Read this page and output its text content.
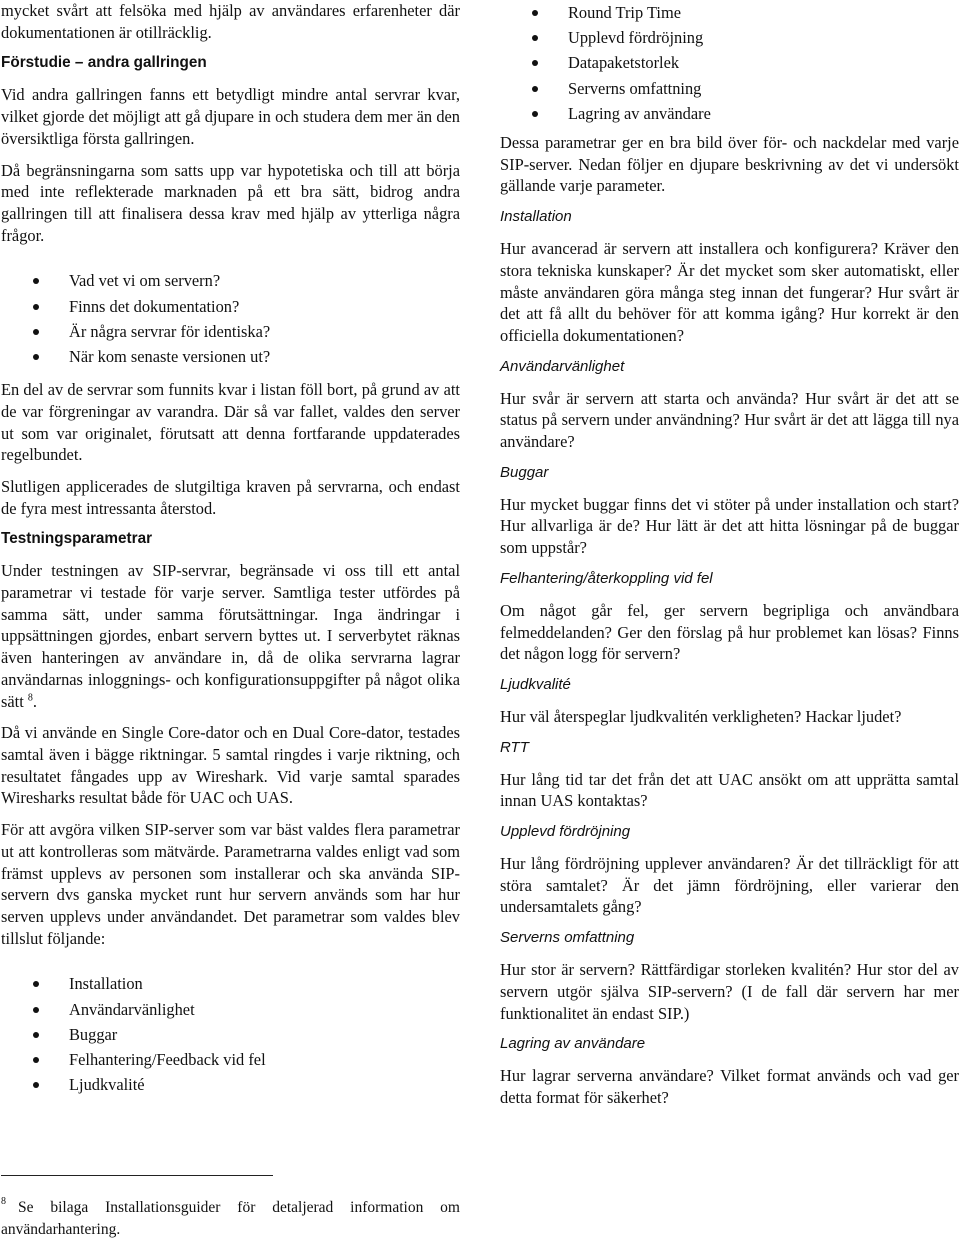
mycket svårt att felsöka med hjälp av användares erfarenheter där dokumentationen är otillräcklig.

Förstudie – andra gallringen

Vid andra gallringen fanns ett betydligt mindre antal servrar kvar, vilket gjorde det möjligt att gå djupare in och studera dem mer än den översiktliga första gallringen.

Då begränsningarna som satts upp var hypotetiska och till att börja med inte reflekterade marknaden på ett bra sätt, bidrog andra gallringen till att finalisera dessa krav med hjälp av ytterliga några frågor.

Vad vet vi om servern?
Finns det dokumentation?
Är några servrar för identiska?
När kom senaste versionen ut?

En del av de servrar som funnits kvar i listan föll bort, på grund av att de var förgreningar av varandra. Där så var fallet, valdes den server ut som var originalet, förutsatt att denna fortfarande uppdaterades regelbundet.

Slutligen applicerades de slutgiltiga kraven på servrarna, och endast de fyra mest intressanta återstod.

Testningsparametrar

Under testningen av SIP-servrar, begränsade vi oss till ett antal parametrar vi testade för varje server. Samtliga tester utfördes på samma sätt, under samma förutsättningar. Inga ändringar i uppsättningen gjordes, enbart servern byttes ut. I serverbytet räknas även hanteringen av användare in, då de olika servrarna lagrar användarnas inloggnings- och konfigurationsuppgifter på något olika sätt $^8$.

Då vi använde en Single Core-dator och en Dual Core-dator, testades samtal även i bägge riktningar. 5 samtal ringdes i varje riktning, och resultatet fångades upp av Wireshark. Vid varje samtal sparades Wiresharks resultat både för UAC och UAS.

För att avgöra vilken SIP-server som var bäst valdes flera parametrar ut att kontrolleras som mätvärde. Parametrarna valdes enligt vad som främst upplevs av personen som installerar och ska använda SIP-servern dvs ganska mycket runt hur servern används som har hur serven upplevs under användandet. Det parametrar som valdes blev tillslut följande:

Installation
Användarvänlighet
Buggar
Felhantering/Feedback vid fel
Ljudkvalité
$^8$ Se bilaga Installationsguider för detaljerad information om användarhantering.
Round Trip Time
Upplevd fördröjning
Datapaketstorlek
Serverns omfattning
Lagring av användare

Dessa parametrar ger en bra bild över för- och nackdelar med varje SIP-server. Nedan följer en djupare beskrivning av det vi undersökt gällande varje parameter.

Installation

Hur avancerad är servern att installera och konfigurera? Kräver den stora tekniska kunskaper? Är det mycket som sker automatiskt, eller måste användaren göra många steg innan det fungerar? Hur svårt är det att få allt du behöver för att komma igång? Hur korrekt är den officiella dokumentationen?

Användarvänlighet

Hur svår är servern att starta och använda? Hur svårt är det att se status på servern under användning? Hur svårt är det att lägga till nya användare?

Buggar

Hur mycket buggar finns det vi stöter på under installation och start? Hur allvarliga är de? Hur lätt är det att hitta lösningar på de buggar som uppstår?

Felhantering/återkoppling vid fel

Om något går fel, ger servern begripliga och användbara felmeddelanden? Ger den förslag på hur problemet kan lösas? Finns det någon logg för servern?

Ljudkvalité

Hur väl återspeglar ljudkvalitén verkligheten? Hackar ljudet?

RTT

Hur lång tid tar det från det att UAC ansökt om att upprätta samtal innan UAS kontaktas?

Upplevd fördröjning

Hur lång fördröjning upplever användaren? Är det tillräckligt för att störa samtalet? Är det jämn fördröjning, eller varierar den undersamtalets gång?

Serverns omfattning

Hur stor är servern? Rättfärdigar storleken kvalitén? Hur stor del av servern utgör själva SIP-servern? (I de fall där servern har mer funktionalitet än endast SIP.)

Lagring av användare

Hur lagrar serverna användare? Vilket format används och vad ger detta format för säkerhet?
